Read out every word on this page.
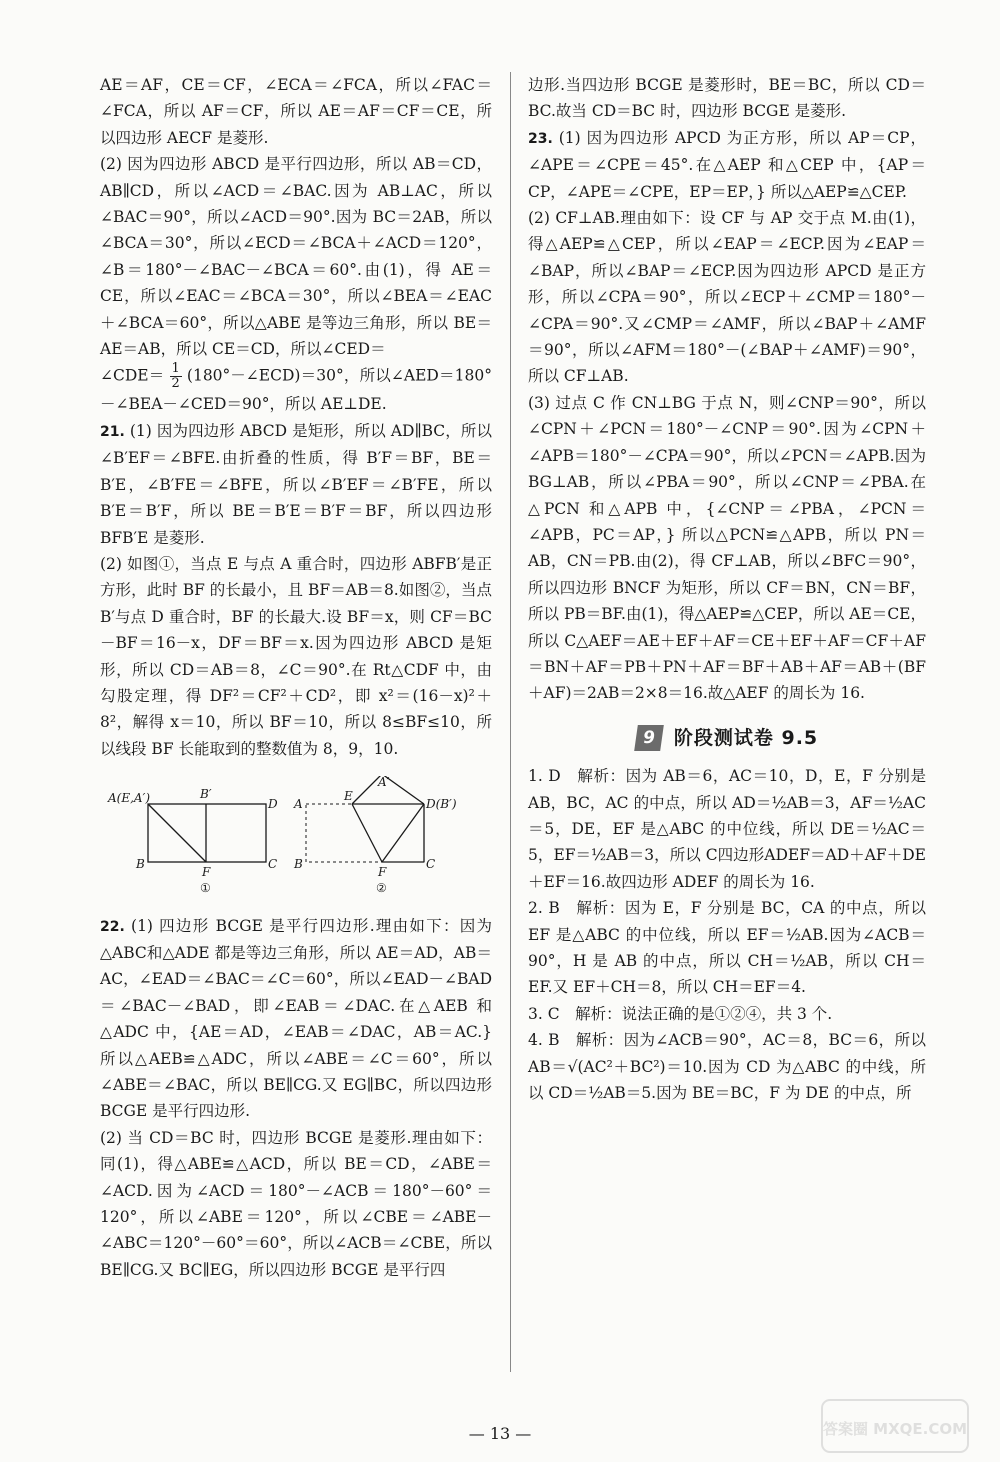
AE＝AF，CE＝CF，∠ECA＝∠FCA，所以∠FAC＝∠FCA，所以 AF＝CF，所以 AE＝AF＝CF＝CE，所以四边形 AECF 是菱形.

(2) 因为四边形 ABCD 是平行四边形，所以 AB＝CD，AB∥CD，所以∠ACD＝∠BAC.因为 AB⊥AC，所以∠BAC＝90°，所以∠ACD＝90°.因为 BC＝2AB，所以∠BCA＝30°，所以∠ECD＝∠BCA＋∠ACD＝120°，∠B＝180°－∠BAC－∠BCA＝60°.由(1)，得 AE＝CE，所以∠EAC＝∠BCA＝30°，所以∠BEA＝∠EAC＋∠BCA＝60°，所以△ABE 是等边三角形，所以 BE＝AE＝AB，所以 CE＝CD，所以∠CED＝

∠CDE＝ $\frac{1}{2}$ (180°－∠ECD)＝30°，所以∠AED＝180°－∠BEA－∠CED＝90°，所以 AE⊥DE.

21. (1) 因为四边形 ABCD 是矩形，所以 AD∥BC，所以∠B′EF＝∠BFE.由折叠的性质，得 B′F＝BF，BE＝B′E，∠B′FE＝∠BFE，所以∠B′EF＝∠B′FE，所以 B′E＝B′F，所以 BE＝B′E＝B′F＝BF，所以四边形 BFB′E 是菱形.

(2) 如图①，当点 E 与点 A 重合时，四边形 ABFB′是正方形，此时 BF 的长最小，且 BF＝AB＝8.如图②，当点 B′与点 D 重合时，BF 的长最大.设 BF＝x，则 CF＝BC－BF＝16－x，DF＝BF＝x.因为四边形 ABCD 是矩形，所以 CD＝AB＝8，∠C＝90°.在 Rt△CDF 中，由勾股定理，得 DF²＝CF²＋CD²，即 x²＝(16－x)²＋8²，解得 x＝10，所以 BF＝10，所以 8≤BF≤10，所以线段 BF 长能取到的整数值为 8，9，10.

A(E,A′)	B′
D
B
F
C
①
A′
A
E
D(B′)
B
F
C
②

22. (1) 四边形 BCGE 是平行四边形.理由如下：因为△ABC和△ADE 都是等边三角形，所以 AE＝AD，AB＝AC，∠EAD＝∠BAC＝∠C＝60°，所以∠EAD－∠BAD＝∠BAC－∠BAD，即∠EAB＝∠DAC.在△AEB 和△ADC 中，{AE＝AD，∠EAB＝∠DAC，AB＝AC.} 所以△AEB≌△ADC，所以∠ABE＝∠C＝60°，所以∠ABE＝∠BAC，所以 BE∥CG.又 EG∥BC，所以四边形 BCGE 是平行四边形.

(2) 当 CD＝BC 时，四边形 BCGE 是菱形.理由如下：同(1)，得△ABE≌△ACD，所以 BE＝CD，∠ABE＝∠ACD.因为∠ACD＝180°－∠ACB＝180°－60°＝120°，所以∠ABE＝120°，所以∠CBE＝∠ABE－∠ABC＝120°－60°＝60°，所以∠ACB＝∠CBE，所以 BE∥CG.又 BC∥EG，所以四边形 BCGE 是平行四

边形.当四边形 BCGE 是菱形时，BE＝BC，所以 CD＝BC.故当 CD＝BC 时，四边形 BCGE 是菱形.

23. (1) 因为四边形 APCD 为正方形，所以 AP＝CP，∠APE＝∠CPE＝45°.在△AEP 和△CEP 中，{AP＝CP，∠APE＝∠CPE，EP＝EP，} 所以△AEP≌△CEP.

(2) CF⊥AB.理由如下：设 CF 与 AP 交于点 M.由(1)，得△AEP≌△CEP，所以∠EAP＝∠ECP.因为∠EAP＝∠BAP，所以∠BAP＝∠ECP.因为四边形 APCD 是正方形，所以∠CPA＝90°，所以∠ECP＋∠CMP＝180°－∠CPA＝90°.又∠CMP＝∠AMF，所以∠BAP＋∠AMF＝90°，所以∠AFM＝180°－(∠BAP＋∠AMF)＝90°，所以 CF⊥AB.

(3) 过点 C 作 CN⊥BG 于点 N，则∠CNP＝90°，所以∠CPN＋∠PCN＝180°－∠CNP＝90°.因为∠CPN＋∠APB＝180°－∠CPA＝90°，所以∠PCN＝∠APB.因为 BG⊥AB，所以∠PBA＝90°，所以∠CNP＝∠PBA.在△PCN 和△APB 中，{∠CNP＝∠PBA，∠PCN＝∠APB，PC＝AP，} 所以△PCN≌△APB，所以 PN＝AB，CN＝PB.由(2)，得 CF⊥AB，所以∠BFC＝90°，所以四边形 BNCF 为矩形，所以 CF＝BN，CN＝BF，所以 PB＝BF.由(1)，得△AEP≌△CEP，所以 AE＝CE，所以 C△AEF＝AE＋EF＋AF＝CE＋EF＋AF＝CF＋AF＝BN＋AF＝PB＋PN＋AF＝BF＋AB＋AF＝AB＋(BF＋AF)＝2AB＝2×8＝16.故△AEF 的周长为 16.

9 阶段测试卷 9.5

1. D　解析：因为 AB＝6，AC＝10，D，E，F 分别是 AB，BC，AC 的中点，所以 AD＝½AB＝3，AF＝½AC＝5，DE，EF 是△ABC 的中位线，所以 DE＝½AC＝5，EF＝½AB＝3，所以 C四边形ADEF＝AD＋AF＋DE＋EF＝16.故四边形 ADEF 的周长为 16.

2. B　解析：因为 E，F 分别是 BC，CA 的中点，所以 EF 是△ABC 的中位线，所以 EF＝½AB.因为∠ACB＝90°，H 是 AB 的中点，所以 CH＝½AB，所以 CH＝EF.又 EF＋CH＝8，所以 CH＝EF＝4.

3. C　解析：说法正确的是①②④，共 3 个.

4. B　解析：因为∠ACB＝90°，AC＝8，BC＝6，所以 AB＝√(AC²＋BC²)＝10.因为 CD 为△ABC 的中线，所以 CD＝½AB＝5.因为 BE＝BC，F 为 DE 的中点，所

— 13 —	答案圈 MXQE.COM
